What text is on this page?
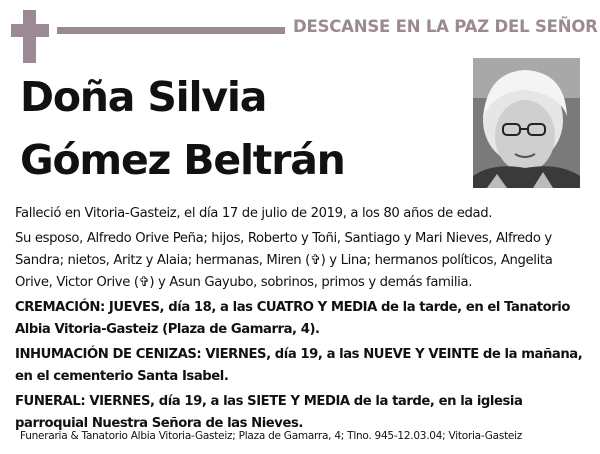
DESCANSE EN LA PAZ DEL SEÑOR
Doña Silvia
Gómez Beltrán

Falleció en Vitoria-Gasteiz, el día 17 de julio de 2019, a los 80 años de edad.

Su esposo, Alfredo Orive Peña; hijos, Roberto y Toñi, Santiago y Mari Nieves, Alfredo y Sandra; nietos, Aritz y Alaia; hermanas, Miren (✞) y Lina; hermanos políticos, Angelita Orive, Victor Orive (✞) y Asun Gayubo, sobrinos, primos y demás familia.

CREMACIÓN: JUEVES, día 18, a las CUATRO Y MEDIA de la tarde, en el Tanatorio Albia Vitoria-Gasteiz (Plaza de Gamarra, 4).

INHUMACIÓN DE CENIZAS: VIERNES, día 19, a las NUEVE Y VEINTE de la mañana, en el cementerio Santa Isabel.

FUNERAL: VIERNES, día 19, a las SIETE Y MEDIA de la tarde, en la iglesia parroquial Nuestra Señora de las Nieves.

Funeraria & Tanatorio Albia Vitoria-Gasteiz; Plaza de Gamarra, 4; Tlno. 945-12.03.04; Vitoria-Gasteiz
